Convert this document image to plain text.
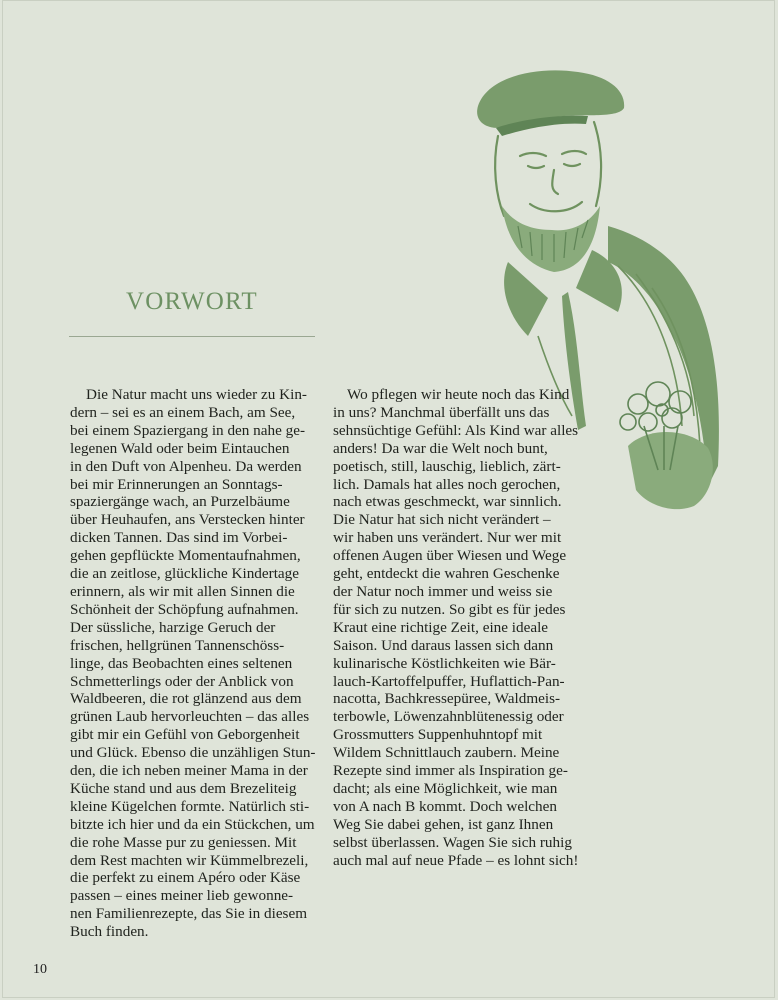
VORWORT

Die Natur macht uns wieder zu Kin-
dern – sei es an einem Bach, am See,
bei einem Spaziergang in den nahe ge-
legenen Wald oder beim Eintauchen
in den Duft von Alpenheu. Da werden
bei mir Erinnerungen an Sonntags-
spaziergänge wach, an Purzelbäume
über Heuhaufen, ans Verstecken hinter
dicken Tannen. Das sind im Vorbei-
gehen gepflückte Momentaufnahmen,
die an zeitlose, glückliche Kindertage
erinnern, als wir mit allen Sinnen die
Schönheit der Schöpfung aufnahmen.
Der süssliche, harzige Geruch der
frischen, hellgrünen Tannenschöss-
linge, das Beobachten eines seltenen
Schmetterlings oder der Anblick von
Waldbeeren, die rot glänzend aus dem
grünen Laub hervorleuchten – das alles
gibt mir ein Gefühl von Geborgenheit
und Glück. Ebenso die unzähligen Stun-
den, die ich neben meiner Mama in der
Küche stand und aus dem Brezeliteig
kleine Kügelchen formte. Natürlich sti-
bitzte ich hier und da ein Stückchen, um
die rohe Masse pur zu geniessen. Mit
dem Rest machten wir Kümmelbrezeli,
die perfekt zu einem Apéro oder Käse
passen – eines meiner lieb gewonne-
nen Familienrezepte, das Sie in diesem
Buch finden.

Wo pflegen wir heute noch das Kind
in uns? Manchmal überfällt uns das
sehnsüchtige Gefühl: Als Kind war alles
anders! Da war die Welt noch bunt,
poetisch, still, lauschig, lieblich, zärt-
lich. Damals hat alles noch gerochen,
nach etwas geschmeckt, war sinnlich.
Die Natur hat sich nicht verändert –
wir haben uns verändert. Nur wer mit
offenen Augen über Wiesen und Wege
geht, entdeckt die wahren Geschenke
der Natur noch immer und weiss sie
für sich zu nutzen. So gibt es für jedes
Kraut eine richtige Zeit, eine ideale
Saison. Und daraus lassen sich dann
kulinarische Köstlichkeiten wie Bär-
lauch-Kartoffelpuffer, Huflattich-Pan-
nacotta, Bachkressepüree, Waldmeis-
terbowle, Löwenzahnblütenessig oder
Grossmutters Suppenhuhntopf mit
Wildem Schnittlauch zaubern. Meine
Rezepte sind immer als Inspiration ge-
dacht; als eine Möglichkeit, wie man
von A nach B kommt. Doch welchen
Weg Sie dabei gehen, ist ganz Ihnen
selbst überlassen. Wagen Sie sich ruhig
auch mal auf neue Pfade – es lohnt sich!

10
